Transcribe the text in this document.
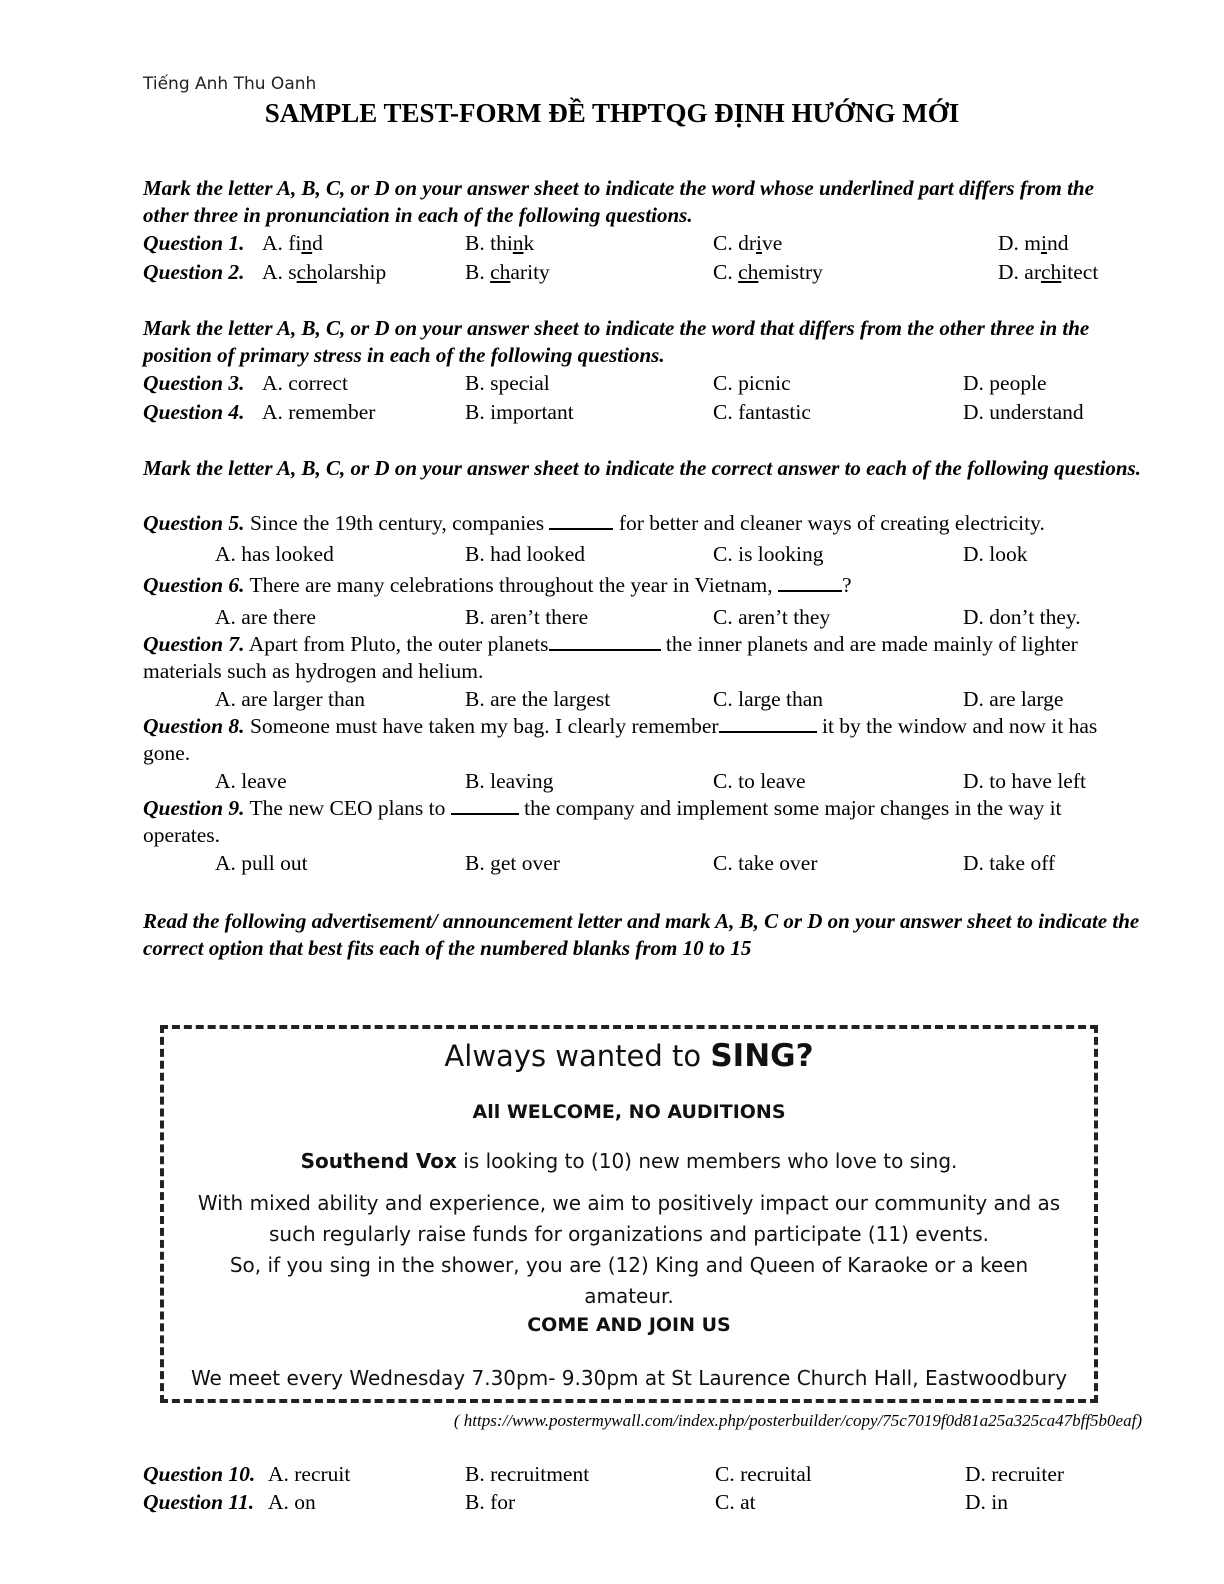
Tiếng Anh Thu Oanh
SAMPLE TEST-FORM ĐỀ THPTQG ĐỊNH HƯỚNG MỚI
Mark the letter A, B, C, or D on your answer sheet to indicate the word whose underlined part differs from the other three in pronunciation in each of the following questions.
Question 1. A. find	B. think	C. drive	D. mind
Question 2. A. scholarship	B. charity	C. chemistry	D. architect
Mark the letter A, B, C, or D on your answer sheet to indicate the word that differs from the other three in the position of primary stress in each of the following questions.
Question 3. A. correct	B. special	C. picnic	D. people
Question 4. A. remember	B. important	C. fantastic	D. understand
Mark the letter A, B, C, or D on your answer sheet to indicate the correct answer to each of the following questions.
Question 5. Since the 19th century, companies	for better and cleaner ways of creating electricity.
A. has looked	B. had looked	C. is looking	D. look
Question 6. There are many celebrations throughout the year in Vietnam,	?
A. are there	B. aren’t there	C. aren’t they	D. don’t they.
Question 7. Apart from Pluto, the outer planets	the inner planets and are made mainly of lighter materials such as hydrogen and helium.
A. are larger than	B. are the largest	C. large than	D. are large
Question 8. Someone must have taken my bag. I clearly remember	it by the window and now it has gone.
A. leave	B. leaving	C. to leave	D. to have left
Question 9. The new CEO plans to	the company and implement some major changes in the way it operates.
A. pull out	B. get over	C. take over	D. take off
Read the following advertisement/ announcement letter and mark A, B, C or D on your answer sheet to indicate the correct option that best fits each of the numbered blanks from 10 to 15
Always wanted to SING?
All WELCOME, NO AUDITIONS
Southend Vox is looking to (10) new members who love to sing.
With mixed ability and experience, we aim to positively impact our community and as
such regularly raise funds for organizations and participate (11) events.
So, if you sing in the shower, you are (12) King and Queen of Karaoke or a keen
amateur.
COME AND JOIN US
We meet every Wednesday 7.30pm- 9.30pm at St Laurence Church Hall, Eastwoodbury
( https://www.postermywall.com/index.php/posterbuilder/copy/75c7019f0d81a25a325ca47bff5b0eaf)
Question 10. A. recruit	B. recruitment	C. recruital	D. recruiter
Question 11. A. on	B. for	C. at	D. in
